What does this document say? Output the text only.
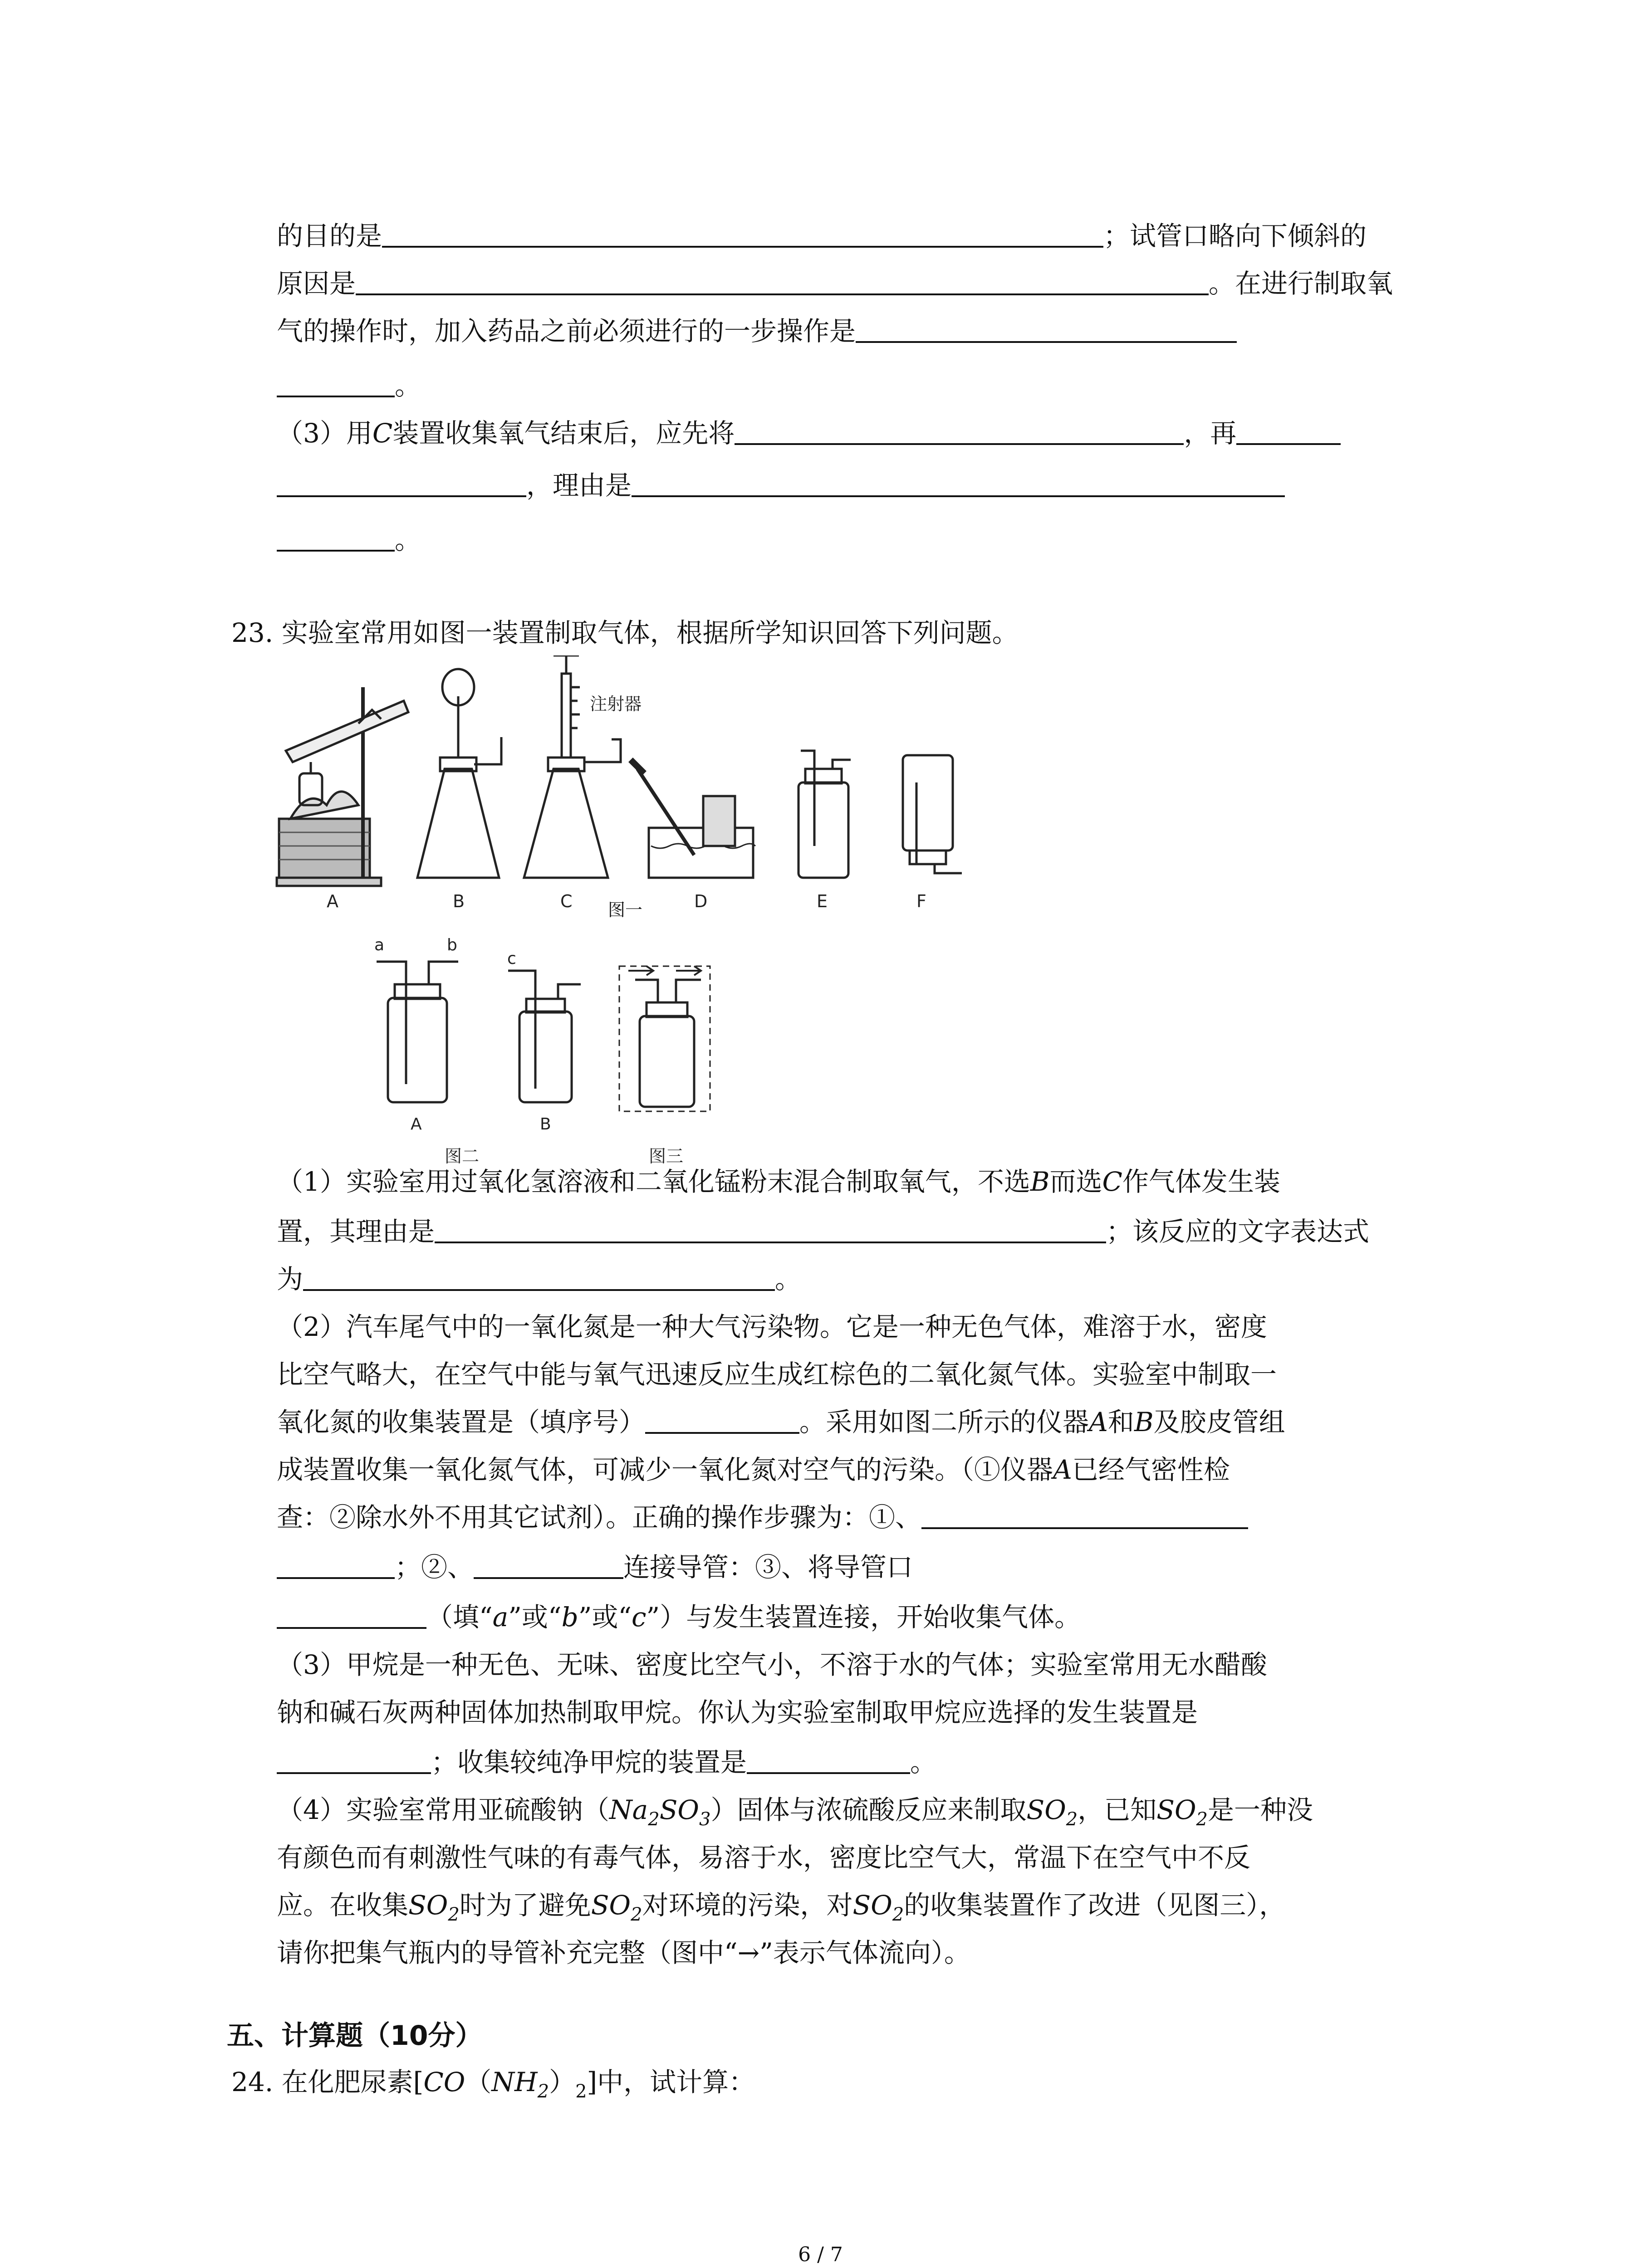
的目的是	；试管口略向下倾斜的
原因是	。在进行制取氧
气的操作时，加入药品之前必须进行的一步操作是
。
（3）用C装置收集氧气结束后，应先将	，再
，理由是
。
23. 实验室常用如图一装置制取气体，根据所学知识回答下列问题。
注射器
A	B	C	D	E	F
图一
a	b
c
A	B
图二	图三
（1）实验室用过氧化氢溶液和二氧化锰粉末混合制取氧气，不选B而选C作气体发生装
置，其理由是	；该反应的文字表达式
为	。
（2）汽车尾气中的一氧化氮是一种大气污染物。它是一种无色气体，难溶于水，密度
比空气略大，在空气中能与氧气迅速反应生成红棕色的二氧化氮气体。实验室中制取一
氧化氮的收集装置是（填序号）	。采用如图二所示的仪器A和B及胶皮管组
成装置收集一氧化氮气体，可减少一氧化氮对空气的污染。（①仪器A已经气密性检
查：②除水外不用其它试剂）。正确的操作步骤为：①、
；②、	连接导管：③、将导管口
（填“a”或“b”或“c”）与发生装置连接，开始收集气体。
（3）甲烷是一种无色、无味、密度比空气小，不溶于水的气体；实验室常用无水醋酸
钠和碱石灰两种固体加热制取甲烷。你认为实验室制取甲烷应选择的发生装置是
；收集较纯净甲烷的装置是	。
（4）实验室常用亚硫酸钠$(Na_2SO_3)$固体与浓硫酸反应来制取$SO_2$，已知$SO_2$是一种没
有颜色而有刺激性气味的有毒气体，易溶于水，密度比空气大，常温下在空气中不反
应。在收集$SO_2$时为了避免$SO_2$对环境的污染，对$SO_2$的收集装置作了改进（见图三），
请你把集气瓶内的导管补充完整（图中“→”表示气体流向）。
五、计算题（10分）
24. 在化肥尿素$[CO(NH_2)_2]$中，试计算：
6 / 7
